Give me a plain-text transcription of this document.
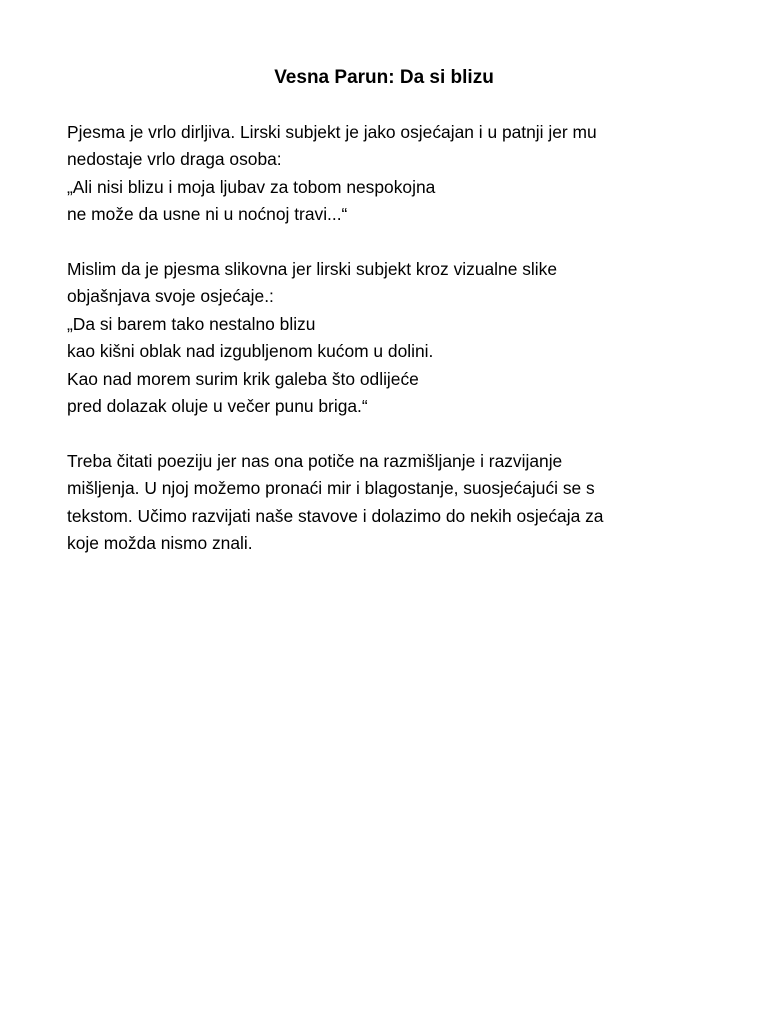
Vesna Parun: Da si blizu

Pjesma je vrlo dirljiva. Lirski subjekt je jako osjećajan i u patnji jer mu
nedostaje vrlo draga osoba:
„Ali nisi blizu i moja ljubav za tobom nespokojna
ne može da usne ni u noćnoj travi...“

Mislim da je pjesma slikovna jer lirski subjekt kroz vizualne slike
objašnjava svoje osjećaje.:
„Da si barem tako nestalno blizu
kao kišni oblak nad izgubljenom kućom u dolini.
Kao nad morem surim krik galeba što odlijeće
pred dolazak oluje u večer punu briga.“

Treba čitati poeziju jer nas ona potiče na razmišljanje i razvijanje
mišljenja. U njoj možemo pronaći mir i blagostanje, suosjećajući se s
tekstom. Učimo razvijati naše stavove i dolazimo do nekih osjećaja za
koje možda nismo znali.
